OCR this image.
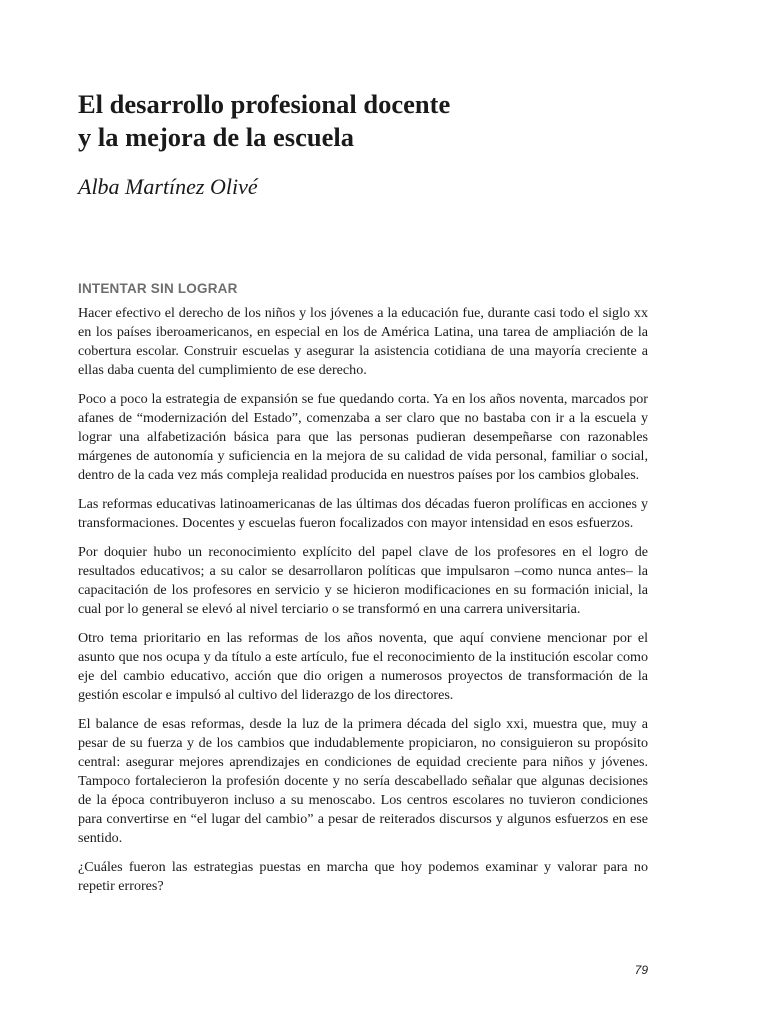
El desarrollo profesional docente
y la mejora de la escuela

Alba Martínez Olivé

INTENTAR SIN LOGRAR

Hacer efectivo el derecho de los niños y los jóvenes a la educación fue, durante casi todo el siglo xx en los países iberoamericanos, en especial en los de América Latina, una tarea de ampliación de la cobertura escolar. Construir escuelas y asegurar la asistencia cotidiana de una mayoría creciente a ellas daba cuenta del cumplimiento de ese derecho.

Poco a poco la estrategia de expansión se fue quedando corta. Ya en los años noventa, marcados por afanes de “modernización del Estado”, comenzaba a ser claro que no bastaba con ir a la escuela y lograr una alfabetización básica para que las personas pudieran desempeñarse con razonables márgenes de autonomía y suficiencia en la mejora de su calidad de vida personal, familiar o social, dentro de la cada vez más compleja realidad producida en nuestros países por los cambios globales.

Las reformas educativas latinoamericanas de las últimas dos décadas fueron prolíficas en acciones y transformaciones. Docentes y escuelas fueron focalizados con mayor intensidad en esos esfuerzos.

Por doquier hubo un reconocimiento explícito del papel clave de los profesores en el logro de resultados educativos; a su calor se desarrollaron políticas que impulsaron –como nunca antes– la capacitación de los profesores en servicio y se hicieron modificaciones en su formación inicial, la cual por lo general se elevó al nivel terciario o se transformó en una carrera universitaria.

Otro tema prioritario en las reformas de los años noventa, que aquí conviene mencionar por el asunto que nos ocupa y da título a este artículo, fue el reconocimiento de la institución escolar como eje del cambio educativo, acción que dio origen a numerosos proyectos de transformación de la gestión escolar e impulsó al cultivo del liderazgo de los directores.

El balance de esas reformas, desde la luz de la primera década del siglo xxi, muestra que, muy a pesar de su fuerza y de los cambios que indudablemente propiciaron, no consiguieron su propósito central: asegurar mejores aprendizajes en condiciones de equidad creciente para niños y jóvenes. Tampoco fortalecieron la profesión docente y no sería descabellado señalar que algunas decisiones de la época contribuyeron incluso a su menoscabo. Los centros escolares no tuvieron condiciones para convertirse en “el lugar del cambio” a pesar de reiterados discursos y algunos esfuerzos en ese sentido.

¿Cuáles fueron las estrategias puestas en marcha que hoy podemos examinar y valorar para no repetir errores?

79
